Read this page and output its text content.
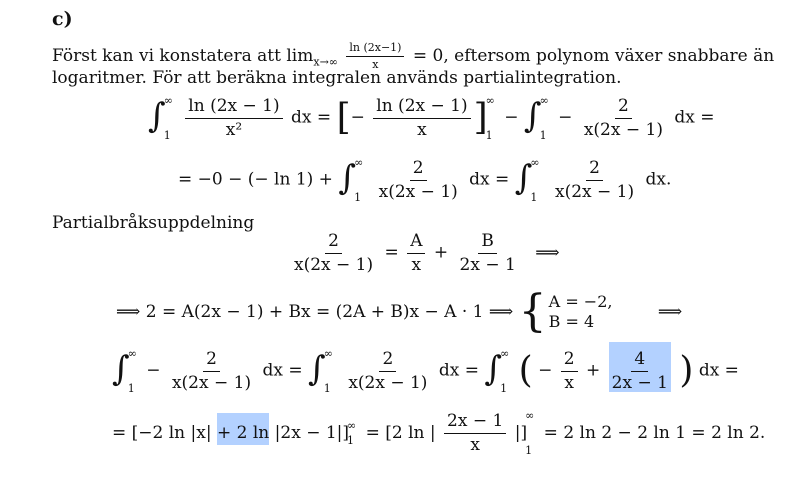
c)
Först kan vi konstatera att $\lim_{x\to\infty} \frac{\ln (2x-1)}{x} = 0$, eftersom polynom växer snabbare än
logaritmer. För att beräkna integralen används partialintegration.
∫
∞
1
$\frac{\ln (2x - 1)}{\text{x²}}$ dx = [− $\frac{\ln (2x - 1)}{x}$ ]
∞
1
− ∫
∞
1
− $\frac{2}{x(2x - 1)}$ dx =
= −0 − (− ln 1) + ∫
∞
1
$\frac{2}{x(2x - 1)}$ dx = ∫
∞
1
$\frac{2}{x(2x - 1)}$ dx.
Partialbråksuppdelning
$\frac{2}{x(2x - 1)} = \frac{A}{x} + \frac{B}{2x - 1}$ ⟹
⟹ 2 = A(2x − 1) + Bx = (2A + B)x − A · 1 ⟹ { A = −2,
B = 4	⟹
∫
∞
1
− $\frac{2}{x(2x - 1)}$ dx = ∫
∞
1
$\frac{2}{x(2x - 1)}$ dx = ∫
∞
1 ( − $\frac{2}{x} + \frac{4}{2x - 1}$ ) dx =
= [−2 ln |x| + 2 ln |2x − 1|]
∞
1 = [2 ln | $\frac{2x - 1}{x}$ |]
∞
1
= 2 ln 2 − 2 ln 1 = 2 ln 2.
